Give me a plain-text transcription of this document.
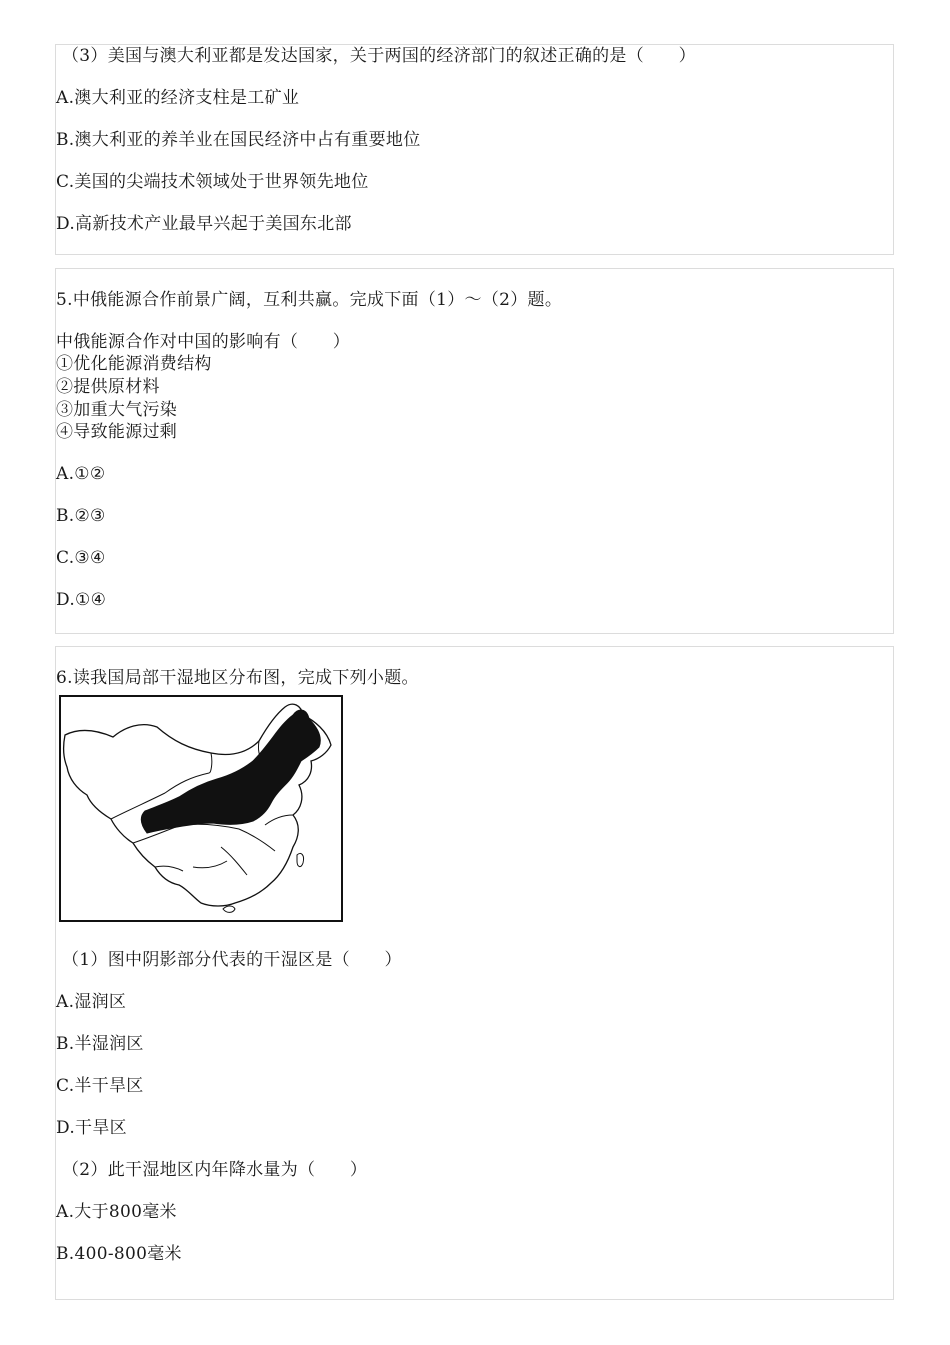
（3）美国与澳大利亚都是发达国家，关于两国的经济部门的叙述正确的是（　　）
A.澳大利亚的经济支柱是工矿业
B.澳大利亚的养羊业在国民经济中占有重要地位
C.美国的尖端技术领域处于世界领先地位
D.高新技术产业最早兴起于美国东北部
5.中俄能源合作前景广阔，互利共赢。完成下面（1）～（2）题。
中俄能源合作对中国的影响有（　　）
①优化能源消费结构
②提供原材料
③加重大气污染
④导致能源过剩
A.①②
B.②③
C.③④
D.①④
6.读我国局部干湿地区分布图，完成下列小题。
（1）图中阴影部分代表的干湿区是（　　）
A.湿润区
B.半湿润区
C.半干旱区
D.干旱区
（2）此干湿地区内年降水量为（　　）
A.大于800毫米
B.400-800毫米
